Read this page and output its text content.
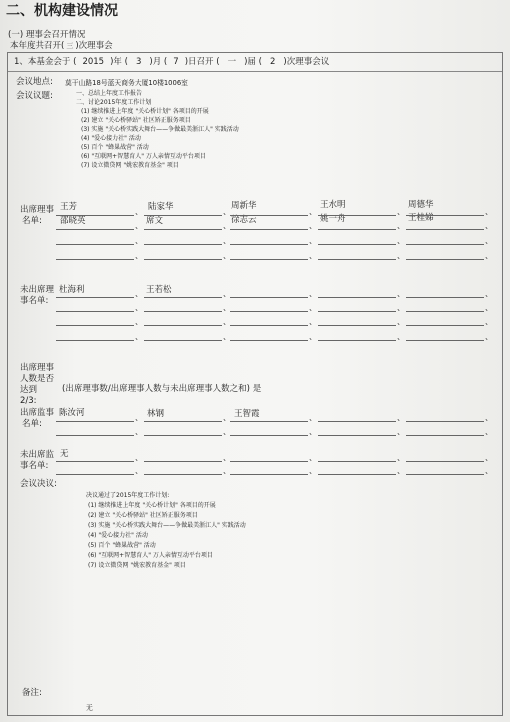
二、机构建设情况
(一) 理事会召开情况
本年度共召开( 三 )次理事会
1、本基金会于 ( 2015 )年 ( 3 )月 ( 7 )日召开 ( 一 )届 ( 2 )次理事会议
会议地点: 莫干山路18号蓝天商务大厦10楼1006室
会议议题:	一、总结上年度工作报告
二、讨论2015年度工作计划
(1) 继续推进上年度 "关心桥计划" 各项目的开展
(2) 建立 "关心桥驿站" 社区矫正服务项目
(3) 实施 "关心桥实践大舞台——争做最美浙江人" 实践活动
(4) "爱心接力社" 活动
(5) 百个 "蜂巢战营" 活动
(6) "互联网+智慧育人" 万人亲情互动平台项目
(7) 设立微贷网 "姚宏教育基金" 项目
出席理事
名单:
王芳	陆家华	周新华	王水明	周德华
邵晓英	席文	徐志云	姚一舟	王桂娣
、	、	、	、	、
、	、	、	、	、
、	、	、	、	、
、	、	、	、	、
未出席理
事名单:
杜海利	王若松
、	、	、	、	、
、	、	、	、	、
、	、	、	、	、
、	、	、	、	、
出席理事
人数是否
达到
2/3:
(出席理事数/出席理事人数与未出席理事人数之和) 是
出席监事
名单:
陈汝河	林钢	王智霞
、	、	、	、	、
、	、	、	、	、
未出席监
事名单:
无	、	、	、	、	、
、	、	、	、	、
会议决议:
决议通过了2015年度工作计划:
(1) 继续推进上年度 "关心桥计划" 各项目的开展
(2) 建立 "关心桥驿站" 社区矫正服务项目
(3) 实施 "关心桥实践大舞台——争做最美浙江人" 实践活动
(4) "爱心接力社" 活动
(5) 百个 "蜂巢战营" 活动
(6) "互联网+智慧育人" 万人亲情互动平台项目
(7) 设立微贷网 "姚宏教育基金" 项目
备注:
无
